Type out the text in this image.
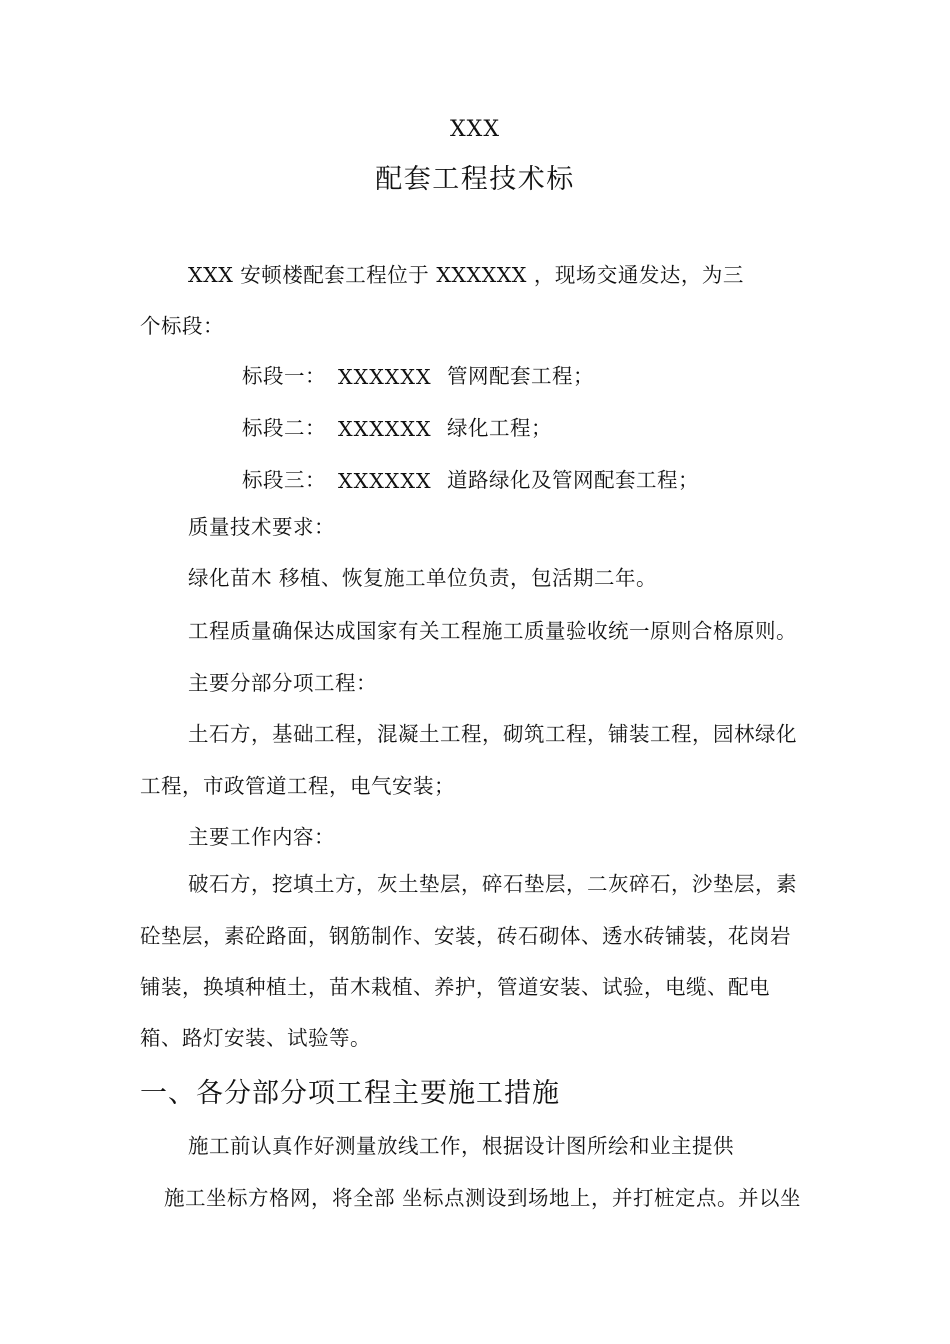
XXX
配套工程技术标
XXX 安顿楼配套工程位于 XXXXXX ，现场交通发达，为三
个标段：
标段一： XXXXXX 管网配套工程；
标段二： XXXXXX 绿化工程；
标段三： XXXXXX 道路绿化及管网配套工程；
质量技术要求：
绿化苗木 移植、恢复施工单位负责，包活期二年。
工程质量确保达成国家有关工程施工质量验收统一原则合格原则。
主要分部分项工程：
土石方，基础工程，混凝土工程，砌筑工程，铺装工程，园林绿化
工程，市政管道工程，电气安装；
主要工作内容：
破石方，挖填土方，灰土垫层，碎石垫层，二灰碎石，沙垫层，素
砼垫层，素砼路面，钢筋制作、安装，砖石砌体、透水砖铺装，花岗岩
铺装，换填种植土，苗木栽植、养护，管道安装、试验，电缆、配电
箱、路灯安装、试验等。
一、各分部分项工程主要施工措施
施工前认真作好测量放线工作，根据设计图所绘和业主提供
施工坐标方格网，将全部 坐标点测设到场地上，并打桩定点。并以坐
